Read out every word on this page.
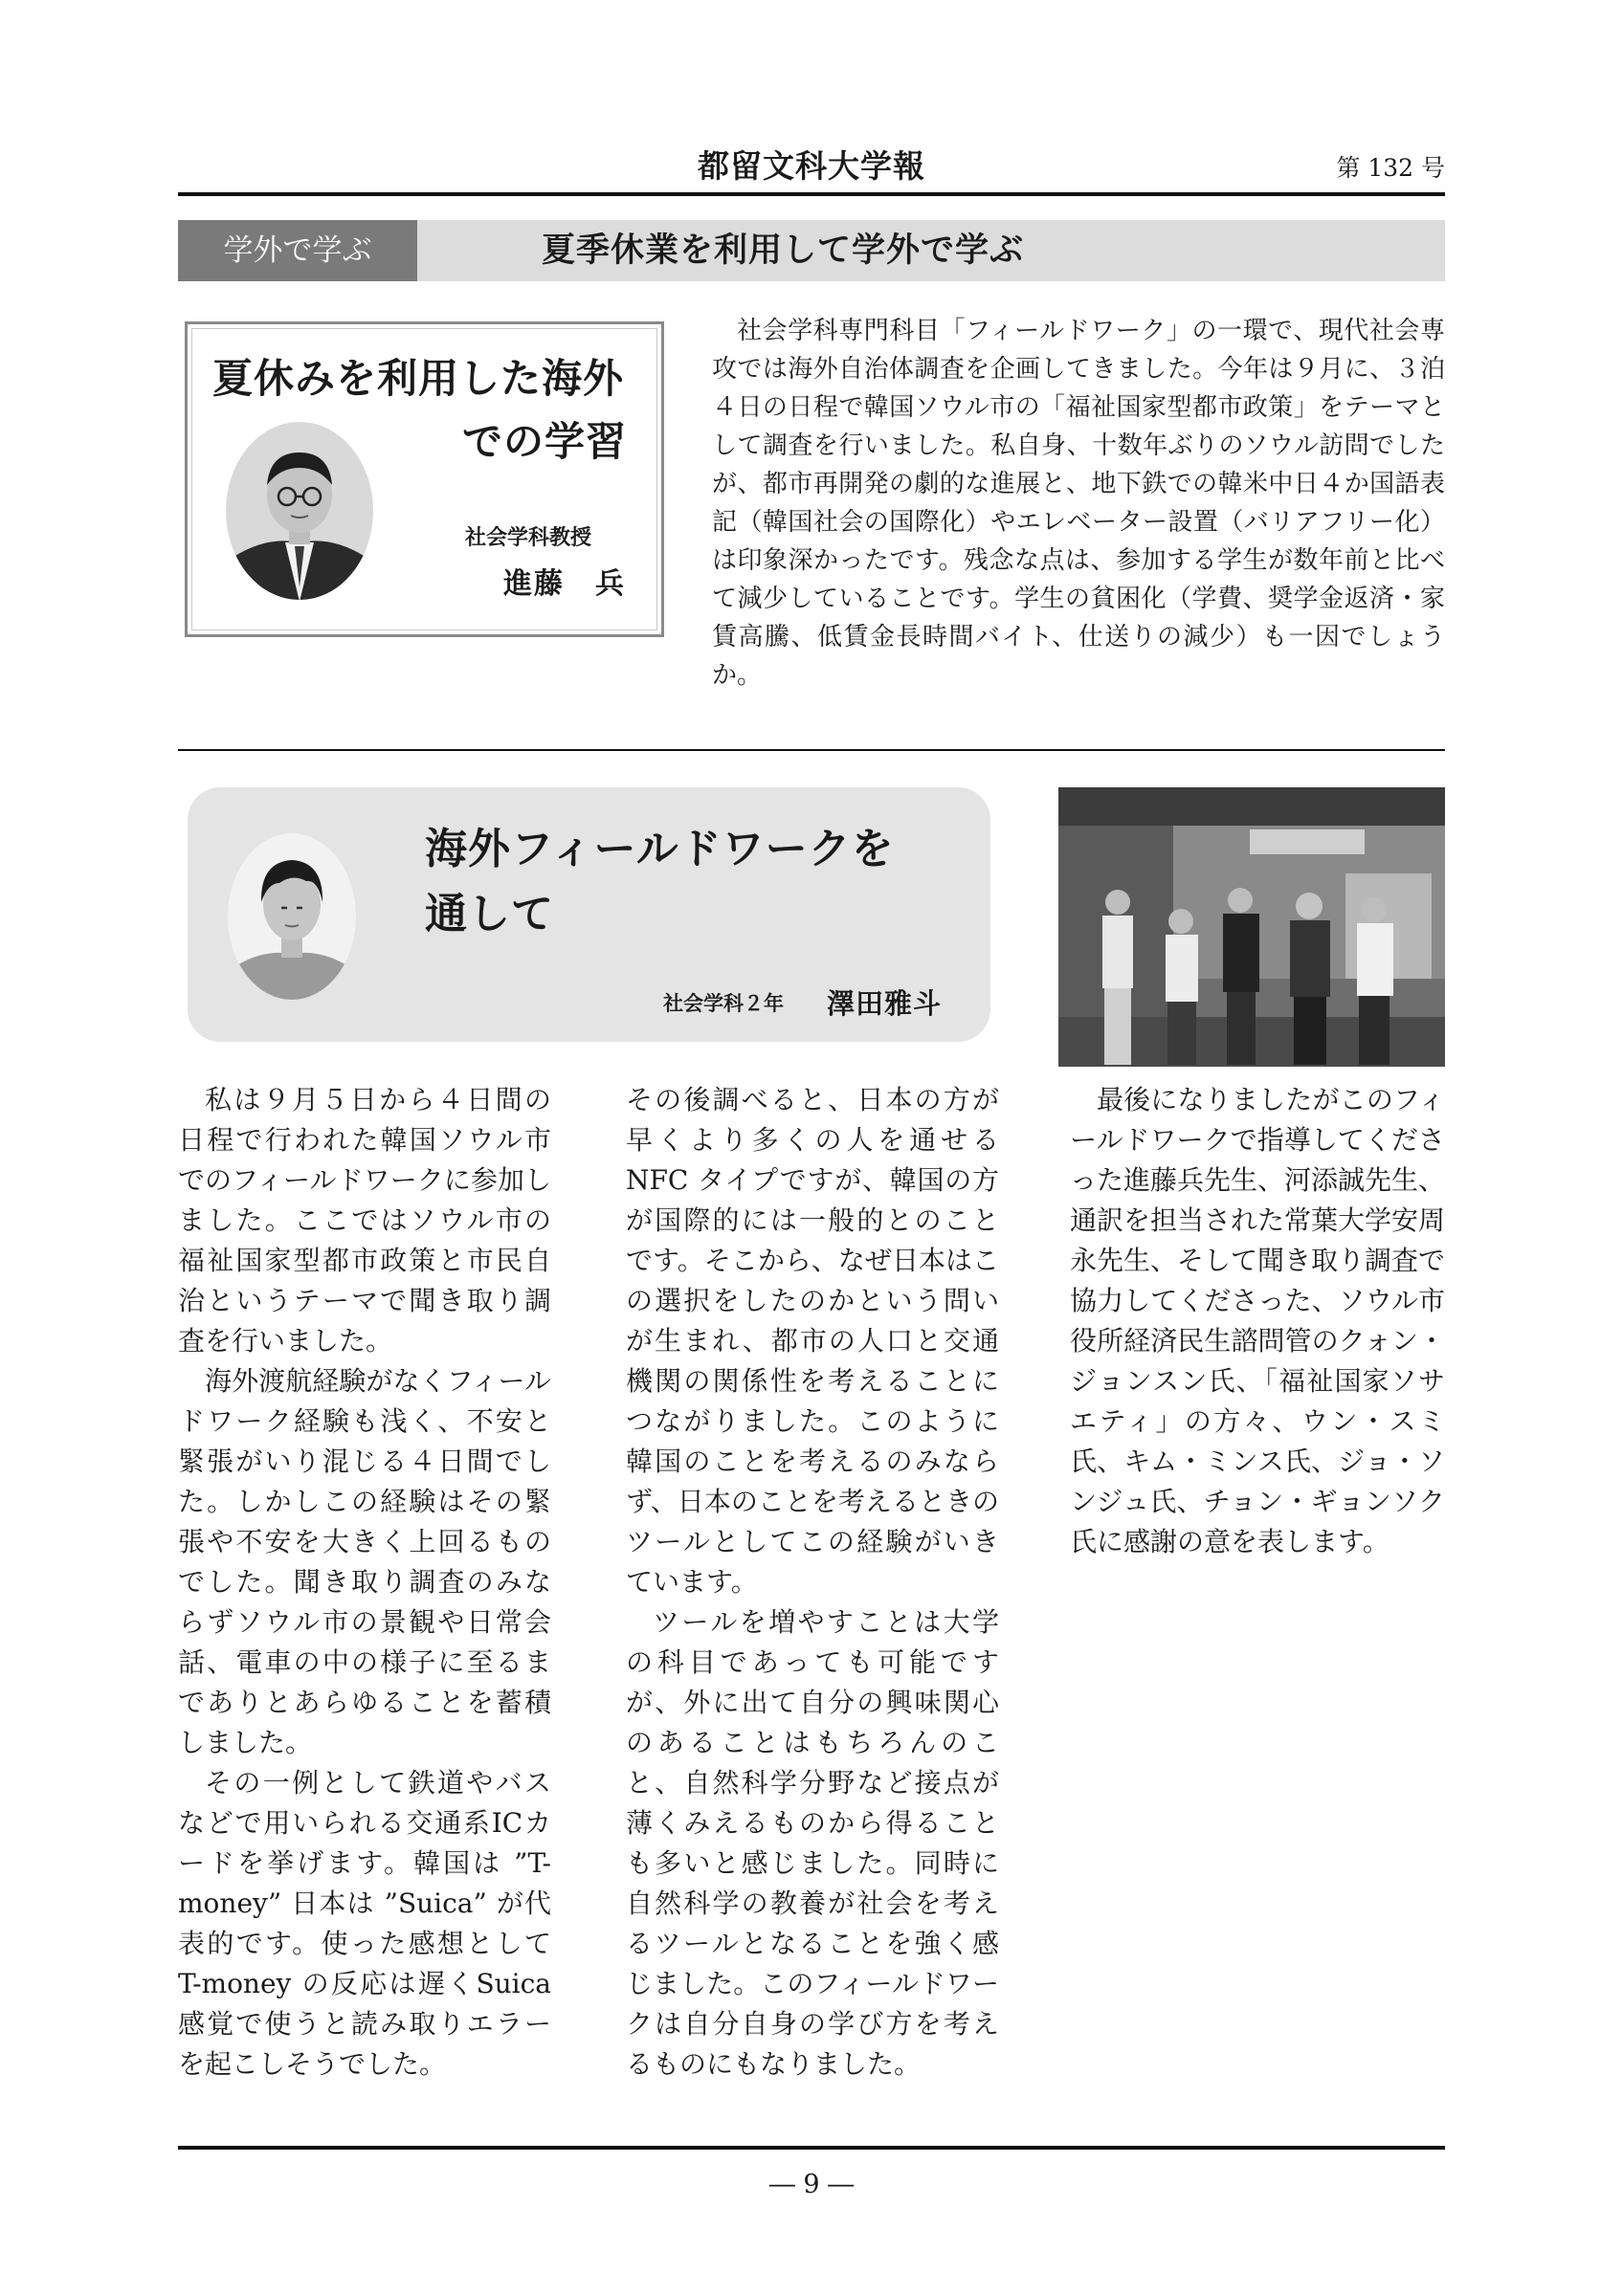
都留文科大学報	第 132 号
学外で学ぶ	夏季休業を利用して学外で学ぶ
夏休みを利用した海外
での学習
社会学科教授
進藤　兵

社会学科専門科目「フィールドワーク」の一環で、現代社会専攻では海外自治体調査を企画してきました。今年は９月に、３泊４日の日程で韓国ソウル市の「福祉国家型都市政策」をテーマとして調査を行いました。私自身、十数年ぶりのソウル訪問でしたが、都市再開発の劇的な進展と、地下鉄での韓米中日４か国語表記（韓国社会の国際化）やエレベーター設置（バリアフリー化）は印象深かったです。残念な点は、参加する学生が数年前と比べて減少していることです。学生の貧困化（学費、奨学金返済・家賃高騰、低賃金長時間バイト、仕送りの減少）も一因でしょうか。

海外フィールドワークを
通して
社会学科２年 澤田雅斗

私は９月５日から４日間の日程で行われた韓国ソウル市でのフィールドワークに参加しました。ここではソウル市の福祉国家型都市政策と市民自治というテーマで聞き取り調査を行いました。

海外渡航経験がなくフィールドワーク経験も浅く、不安と緊張がいり混じる４日間でした。しかしこの経験はその緊張や不安を大きく上回るものでした。聞き取り調査のみならずソウル市の景観や日常会話、電車の中の様子に至るまでありとあらゆることを蓄積しました。

その一例として鉄道やバスなどで用いられる交通系ICカードを挙げます。韓国は ”T-money” 日本は ”Suica” が代表的です。使った感想として T-money の反応は遅くSuica 感覚で使うと読み取りエラーを起こしそうでした。

その後調べると、日本の方が早くより多くの人を通せるNFC タイプですが、韓国の方が国際的には一般的とのことです。そこから、なぜ日本はこの選択をしたのかという問いが生まれ、都市の人口と交通機関の関係性を考えることにつながりました。このように韓国のことを考えるのみならず、日本のことを考えるときのツールとしてこの経験がいきています。

ツールを増やすことは大学の科目であっても可能ですが、外に出て自分の興味関心のあることはもちろんのこと、自然科学分野など接点が薄くみえるものから得ることも多いと感じました。同時に自然科学の教養が社会を考えるツールとなることを強く感じました。このフィールドワークは自分自身の学び方を考えるものにもなりました。

最後になりましたがこのフィールドワークで指導してくださった進藤兵先生、河添誠先生、通訳を担当された常葉大学安周永先生、そして聞き取り調査で協力してくださった、ソウル市役所経済民生諮問管のクォン・ジョンスン氏、「福祉国家ソサエティ」の方々、ウン・スミ氏、キム・ミンス氏、ジョ・ソンジュ氏、チョン・ギョンソク氏に感謝の意を表します。

― 9 ―
